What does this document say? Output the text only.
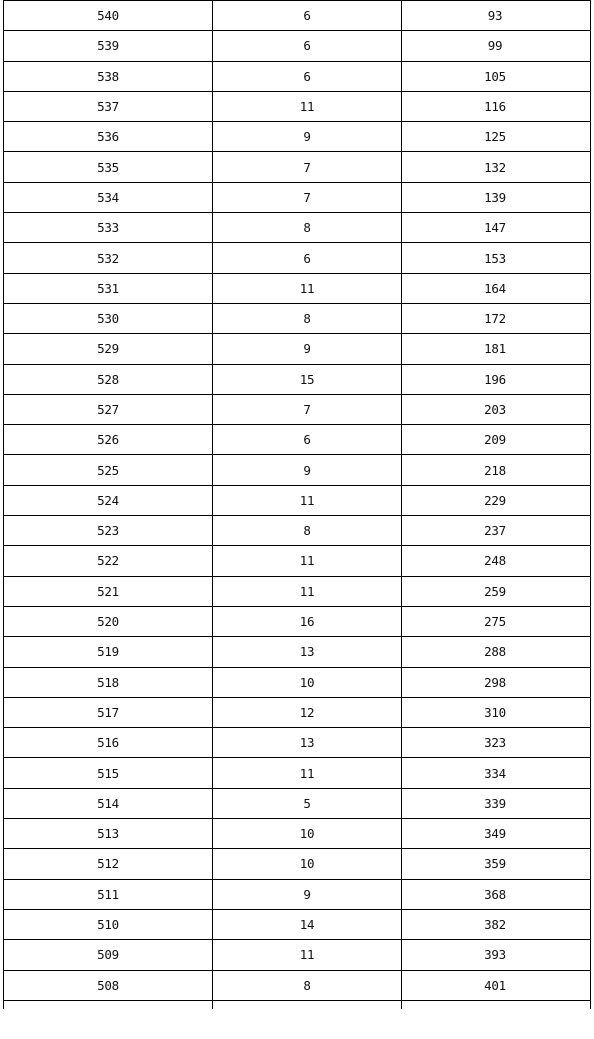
540	6	93
539	6	99
538	6	105
537	11	116
536	9	125
535	7	132
534	7	139
533	8	147
532	6	153
531	11	164
530	8	172
529	9	181
528	15	196
527	7	203
526	6	209
525	9	218
524	11	229
523	8	237
522	11	248
521	11	259
520	16	275
519	13	288
518	10	298
517	12	310
516	13	323
515	11	334
514	5	339
513	10	349
512	10	359
511	9	368
510	14	382
509	11	393
508	8	401
